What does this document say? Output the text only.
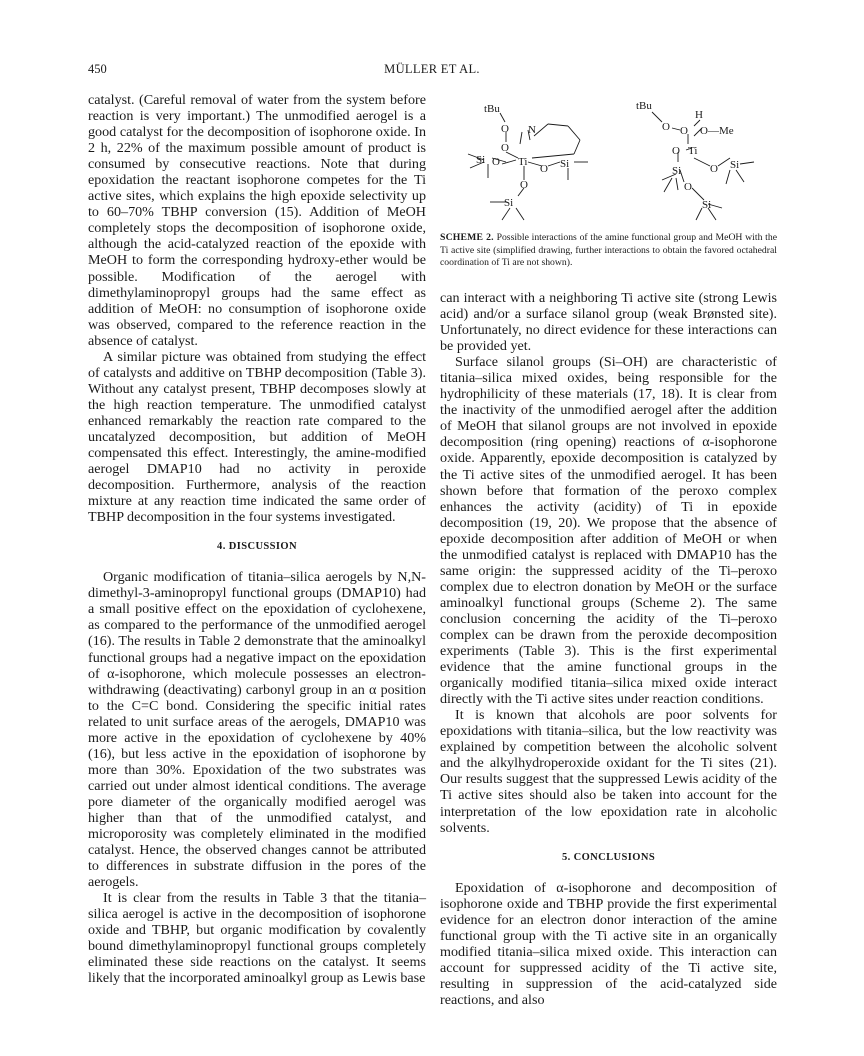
450	MÜLLER ET AL.

catalyst. (Careful removal of water from the system before reaction is very important.) The unmodified aerogel is a good catalyst for the decomposition of isophorone oxide. In 2 h, 22% of the maximum possible amount of product is consumed by consecutive reactions. Note that during epoxidation the reactant isophorone competes for the Ti active sites, which explains the high epoxide selectivity up to 60–70% TBHP conversion (15). Addition of MeOH completely stops the decomposition of isophorone oxide, although the acid-catalyzed reaction of the epoxide with MeOH to form the corresponding hydroxy-ether would be possible. Modification of the aerogel with dimethylaminopropyl groups had the same effect as addition of MeOH: no consumption of isophorone oxide was observed, compared to the reference reaction in the absence of catalyst.

A similar picture was obtained from studying the effect of catalysts and additive on TBHP decomposition (Table 3). Without any catalyst present, TBHP decomposes slowly at the high reaction temperature. The unmodified catalyst enhanced remarkably the reaction rate compared to the uncatalyzed decomposition, but addition of MeOH compensated this effect. Interestingly, the amine-modified aerogel DMAP10 had no activity in peroxide decomposition. Furthermore, analysis of the reaction mixture at any reaction time indicated the same order of TBHP decomposition in the four systems investigated.

4. DISCUSSION

Organic modification of titania–silica aerogels by N,N-dimethyl-3-aminopropyl functional groups (DMAP10) had a small positive effect on the epoxidation of cyclohexene, as compared to the performance of the unmodified aerogel (16). The results in Table 2 demonstrate that the aminoalkyl functional groups had a negative impact on the epoxidation of α-isophorone, which molecule possesses an electron-withdrawing (deactivating) carbonyl group in an α position to the C=C bond. Considering the specific initial rates related to unit surface areas of the aerogels, DMAP10 was more active in the epoxidation of cyclohexene by 40% (16), but less active in the epoxidation of isophorone by more than 30%. Epoxidation of the two substrates was carried out under almost identical conditions. The average pore diameter of the organically modified aerogel was higher than that of the unmodified catalyst, and microporosity was completely eliminated in the modified catalyst. Hence, the observed changes cannot be attributed to differences in substrate diffusion in the pores of the aerogels.

It is clear from the results in Table 3 that the titania–silica aerogel is active in the decomposition of isophorone oxide and TBHP, but organic modification by covalently bound dimethylaminopropyl functional groups completely eliminated these side reactions on the catalyst. It seems likely that the incorporated aminoalkyl group as Lewis base

tBu
O
O
N
Ti
O
Si
O Si
O
Si
tBu
H
O O O—Me
O Ti
O Si
Si
O
Si
SCHEME 2. Possible interactions of the amine functional group and MeOH with the Ti active site (simplified drawing, further interactions to obtain the favored octahedral coordination of Ti are not shown).

can interact with a neighboring Ti active site (strong Lewis acid) and/or a surface silanol group (weak Brønsted site). Unfortunately, no direct evidence for these interactions can be provided yet.

Surface silanol groups (Si–OH) are characteristic of titania–silica mixed oxides, being responsible for the hydrophilicity of these materials (17, 18). It is clear from the inactivity of the unmodified aerogel after the addition of MeOH that silanol groups are not involved in epoxide decomposition (ring opening) reactions of α-isophorone oxide. Apparently, epoxide decomposition is catalyzed by the Ti active sites of the unmodified aerogel. It has been shown before that formation of the peroxo complex enhances the activity (acidity) of Ti in epoxide decomposition (19, 20). We propose that the absence of epoxide decomposition after addition of MeOH or when the unmodified catalyst is replaced with DMAP10 has the same origin: the suppressed acidity of the Ti–peroxo complex due to electron donation by MeOH or the surface aminoalkyl functional groups (Scheme 2). The same conclusion concerning the acidity of the Ti–peroxo complex can be drawn from the peroxide decomposition experiments (Table 3). This is the first experimental evidence that the amine functional groups in the organically modified titania–silica mixed oxide interact directly with the Ti active sites under reaction conditions.

It is known that alcohols are poor solvents for epoxidations with titania–silica, but the low reactivity was explained by competition between the alcoholic solvent and the alkylhydroperoxide oxidant for the Ti sites (21). Our results suggest that the suppressed Lewis acidity of the Ti active sites should also be taken into account for the interpretation of the low epoxidation rate in alcoholic solvents.

5. CONCLUSIONS

Epoxidation of α-isophorone and decomposition of isophorone oxide and TBHP provide the first experimental evidence for an electron donor interaction of the amine functional group with the Ti active site in an organically modified titania–silica mixed oxide. This interaction can account for suppressed acidity of the Ti active site, resulting in suppression of the acid-catalyzed side reactions, and also
